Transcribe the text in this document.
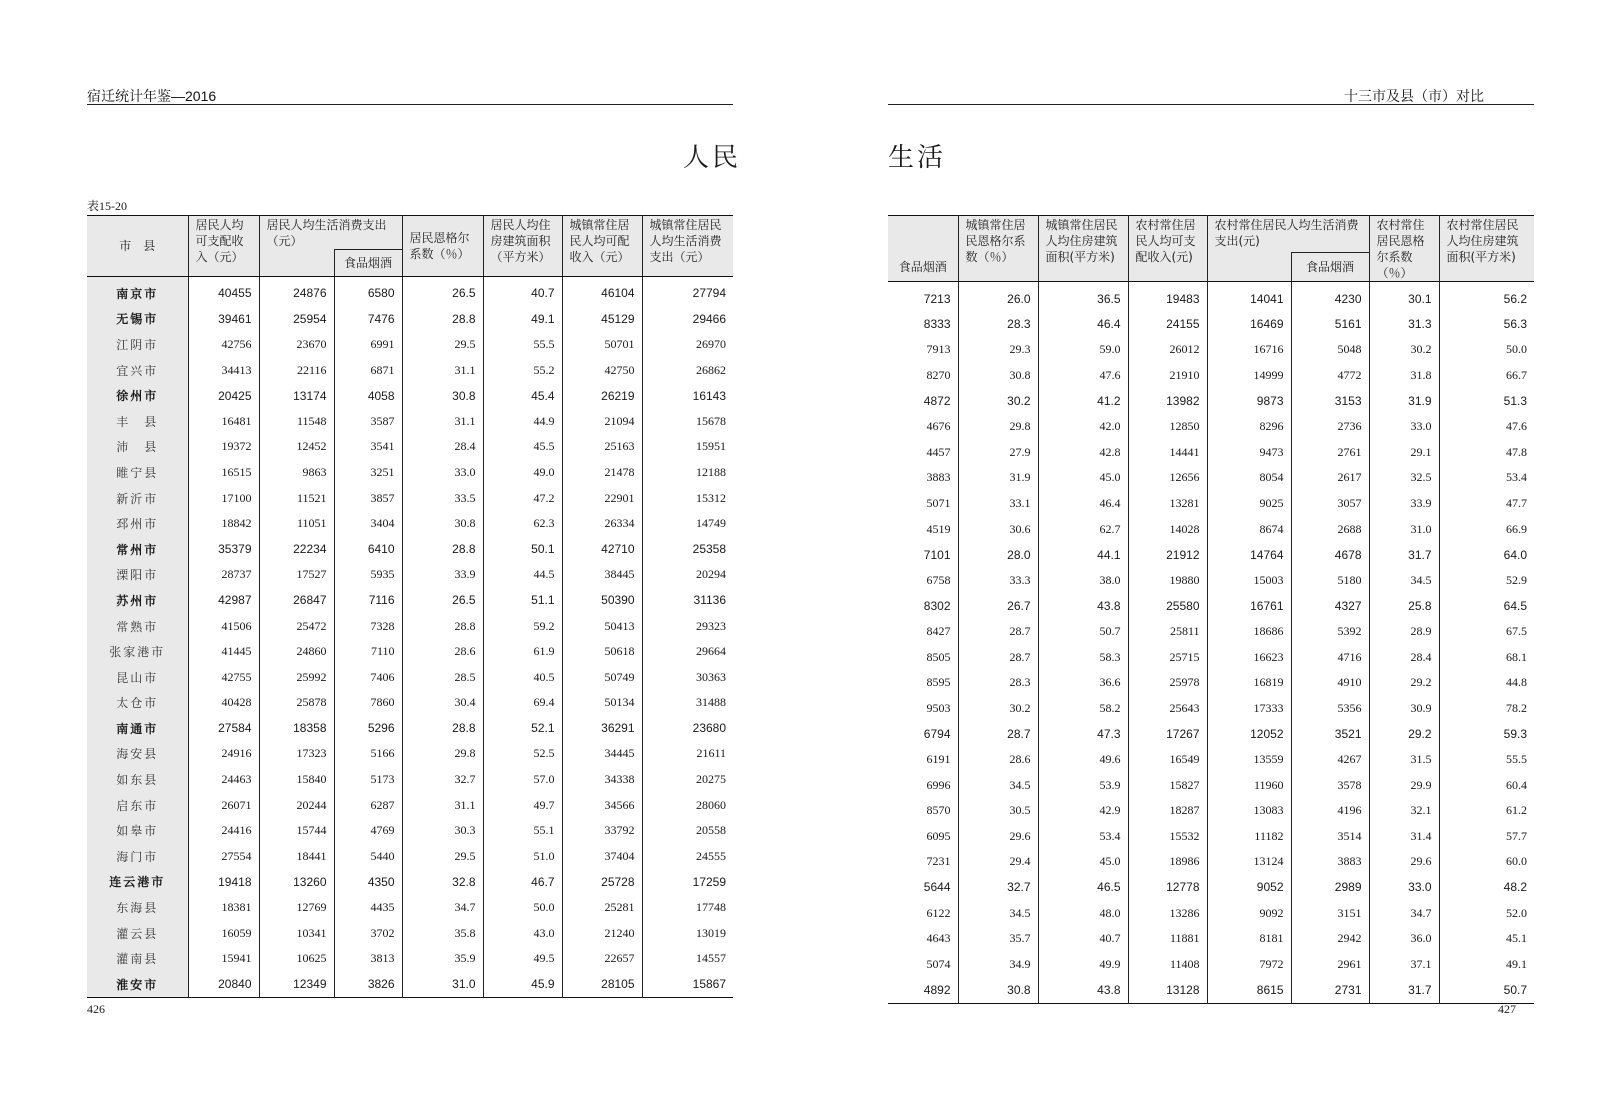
宿迁统计年鉴—2016	十三市及县（市）对比
人民	生活
表15-20
市　县	居民人均可支配收入（元）	居民人均生活消费支出（元）		居民恩格尔系数（％）	居民人均住房建筑面积（平方米）	城镇常住居民人均可配收入（元）	城镇常住居民人均生活消费支出（元）
			食品烟酒				
南京市	40455	24876	6580	26.5	40.7	46104	27794
无锡市	39461	25954	7476	28.8	49.1	45129	29466
江阴市	42756	23670	6991	29.5	55.5	50701	26970
宜兴市	34413	22116	6871	31.1	55.2	42750	26862
徐州市	20425	13174	4058	30.8	45.4	26219	16143
丰　县	16481	11548	3587	31.1	44.9	21094	15678
沛　县	19372	12452	3541	28.4	45.5	25163	15951
睢宁县	16515	9863	3251	33.0	49.0	21478	12188
新沂市	17100	11521	3857	33.5	47.2	22901	15312
邳州市	18842	11051	3404	30.8	62.3	26334	14749
常州市	35379	22234	6410	28.8	50.1	42710	25358
溧阳市	28737	17527	5935	33.9	44.5	38445	20294
苏州市	42987	26847	7116	26.5	51.1	50390	31136
常熟市	41506	25472	7328	28.8	59.2	50413	29323
张家港市	41445	24860	7110	28.6	61.9	50618	29664
昆山市	42755	25992	7406	28.5	40.5	50749	30363
太仓市	40428	25878	7860	30.4	69.4	50134	31488
南通市	27584	18358	5296	28.8	52.1	36291	23680
海安县	24916	17323	5166	29.8	52.5	34445	21611
如东县	24463	15840	5173	32.7	57.0	34338	20275
启东市	26071	20244	6287	31.1	49.7	34566	28060
如皋市	24416	15744	4769	30.3	55.1	33792	20558
海门市	27554	18441	5440	29.5	51.0	37404	24555
连云港市	19418	13260	4350	32.8	46.7	25728	17259
东海县	18381	12769	4435	34.7	50.0	25281	17748
灌云县	16059	10341	3702	35.8	43.0	21240	13019
灌南县	15941	10625	3813	35.9	49.5	22657	14557
淮安市	20840	12349	3826	31.0	45.9	28105	15867
	城镇常住居民恩格尔系数（％）	城镇常住居民人均住房建筑面积(平方米)	农村常住居民人均可支配收入(元)	农村常住居民人均生活消费支出(元)		农村常住居民恩格尔系数（％）	农村常住居民人均住房建筑面积(平方米)
食品烟酒					食品烟酒		
7213	26.0	36.5	19483	14041	4230	30.1	56.2
8333	28.3	46.4	24155	16469	5161	31.3	56.3
7913	29.3	59.0	26012	16716	5048	30.2	50.0
8270	30.8	47.6	21910	14999	4772	31.8	66.7
4872	30.2	41.2	13982	9873	3153	31.9	51.3
4676	29.8	42.0	12850	8296	2736	33.0	47.6
4457	27.9	42.8	14441	9473	2761	29.1	47.8
3883	31.9	45.0	12656	8054	2617	32.5	53.4
5071	33.1	46.4	13281	9025	3057	33.9	47.7
4519	30.6	62.7	14028	8674	2688	31.0	66.9
7101	28.0	44.1	21912	14764	4678	31.7	64.0
6758	33.3	38.0	19880	15003	5180	34.5	52.9
8302	26.7	43.8	25580	16761	4327	25.8	64.5
8427	28.7	50.7	25811	18686	5392	28.9	67.5
8505	28.7	58.3	25715	16623	4716	28.4	68.1
8595	28.3	36.6	25978	16819	4910	29.2	44.8
9503	30.2	58.2	25643	17333	5356	30.9	78.2
6794	28.7	47.3	17267	12052	3521	29.2	59.3
6191	28.6	49.6	16549	13559	4267	31.5	55.5
6996	34.5	53.9	15827	11960	3578	29.9	60.4
8570	30.5	42.9	18287	13083	4196	32.1	61.2
6095	29.6	53.4	15532	11182	3514	31.4	57.7
7231	29.4	45.0	18986	13124	3883	29.6	60.0
5644	32.7	46.5	12778	9052	2989	33.0	48.2
6122	34.5	48.0	13286	9092	3151	34.7	52.0
4643	35.7	40.7	11881	8181	2942	36.0	45.1
5074	34.9	49.9	11408	7972	2961	37.1	49.1
4892	30.8	43.8	13128	8615	2731	31.7	50.7
426	427
